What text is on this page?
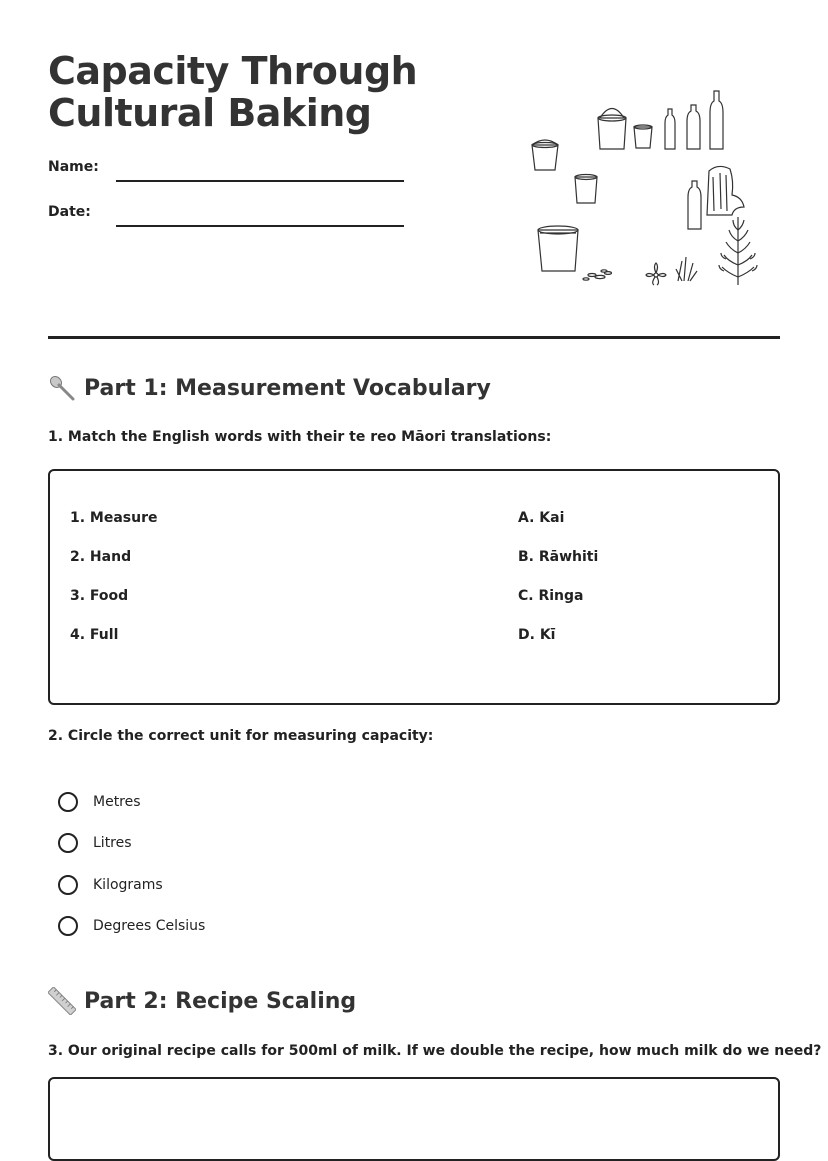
Capacity Through
Cultural Baking
Name:
Date:
Part 1: Measurement Vocabulary

1. Match the English words with their te reo Māori translations:

1. Measure
2. Hand
3. Food
4. Full
A. Kai
B. Rāwhiti
C. Ringa
D. Kī

2. Circle the correct unit for measuring capacity:

Metres
Litres
Kilograms
Degrees Celsius
Part 2: Recipe Scaling

3. Our original recipe calls for 500ml of milk. If we double the recipe, how much milk do we need?
